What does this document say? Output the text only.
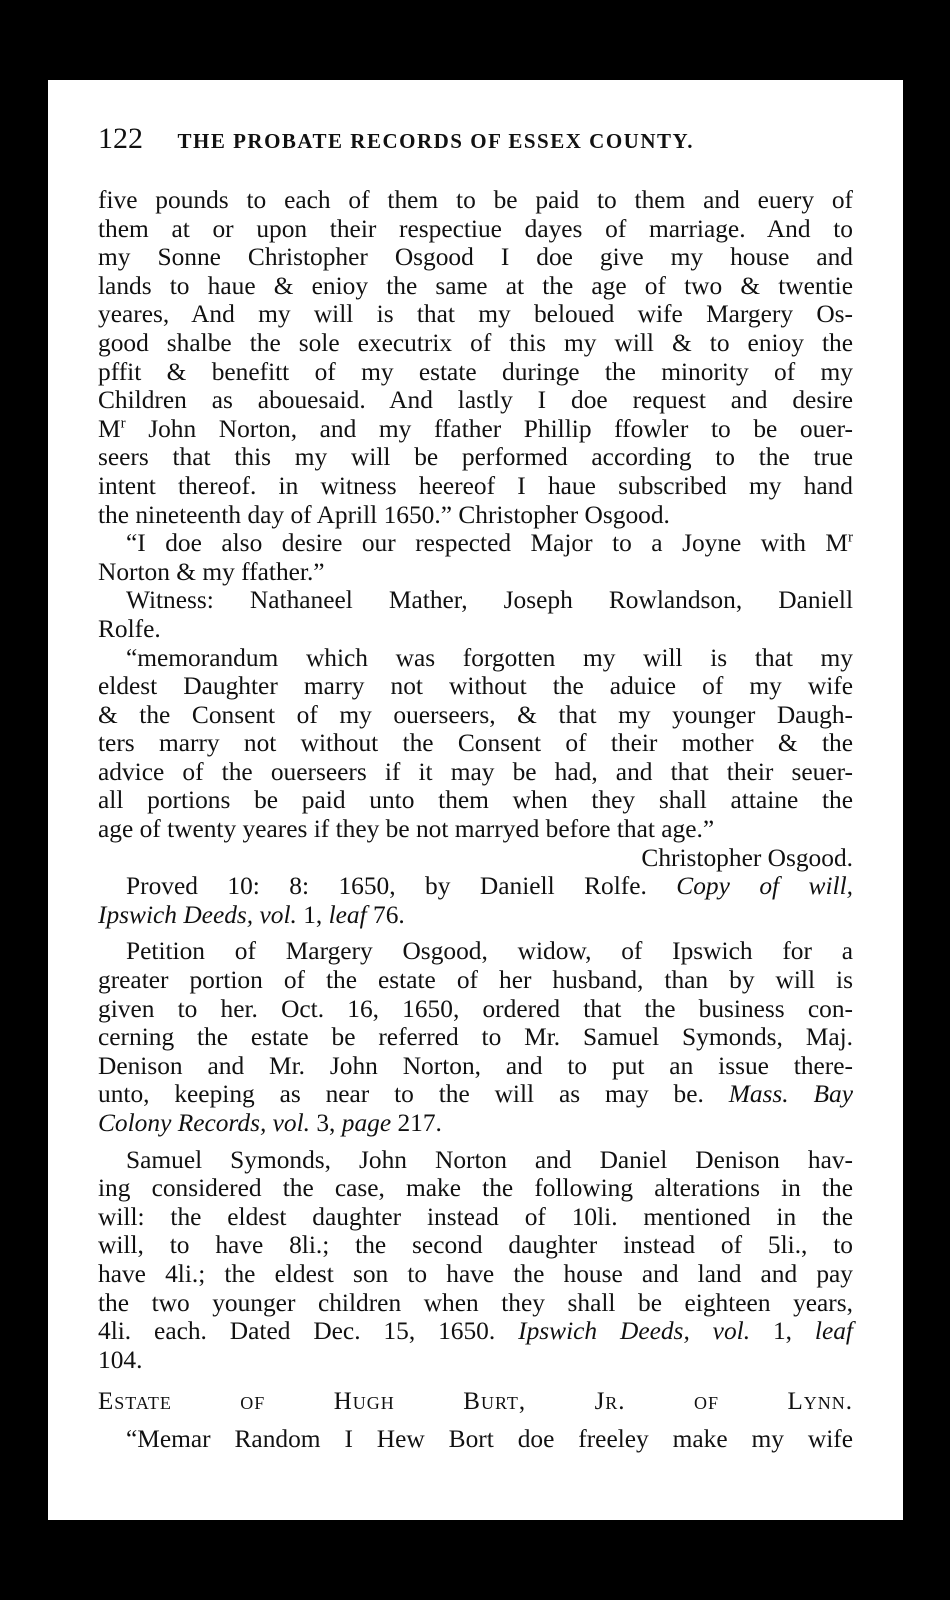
122 THE PROBATE RECORDS OF ESSEX COUNTY.

five pounds to each of them to be paid to them and euery of

them at or upon their respectiue dayes of marriage. And to

my Sonne Christopher Osgood I doe give my house and

lands to haue & enioy the same at the age of two & twentie

yeares, And my will is that my beloued wife Margery Os-

good shalbe the sole executrix of this my will & to enioy the

pffit & benefitt of my estate duringe the minority of my

Children as abouesaid. And lastly I doe request and desire

$M^r$ John Norton, and my ffather Phillip ffowler to be ouer-

seers that this my will be performed according to the true

intent thereof. in witness heereof I haue subscribed my hand

the nineteenth day of Aprill 1650.” Christopher Osgood.

“I doe also desire our respected Major to a Joyne with $M^r$

Norton & my ffather.”

Witness: Nathaneel Mather, Joseph Rowlandson, Daniell

Rolfe.

“memorandum which was forgotten my will is that my

eldest Daughter marry not without the aduice of my wife

& the Consent of my ouerseers, & that my younger Daugh-

ters marry not without the Consent of their mother & the

advice of the ouerseers if it may be had, and that their seuer-

all portions be paid unto them when they shall attaine the

age of twenty yeares if they be not marryed before that age.”

Christopher Osgood.

Proved 10: 8: 1650, by Daniell Rolfe. Copy of will,

Ipswich Deeds, vol. 1, leaf 76.

Petition of Margery Osgood, widow, of Ipswich for a

greater portion of the estate of her husband, than by will is

given to her. Oct. 16, 1650, ordered that the business con-

cerning the estate be referred to Mr. Samuel Symonds, Maj.

Denison and Mr. John Norton, and to put an issue there-

unto, keeping as near to the will as may be. Mass. Bay

Colony Records, vol. 3, page 217.

Samuel Symonds, John Norton and Daniel Denison hav-

ing considered the case, make the following alterations in the

will: the eldest daughter instead of 10li. mentioned in the

will, to have 8li.; the second daughter instead of 5li., to

have 4li.; the eldest son to have the house and land and pay

the two younger children when they shall be eighteen years,

4li. each. Dated Dec. 15, 1650. Ipswich Deeds, vol. 1, leaf

104.

Estate of Hugh Burt, Jr. of Lynn.

“Memar Random I Hew Bort doe freeley make my wife
